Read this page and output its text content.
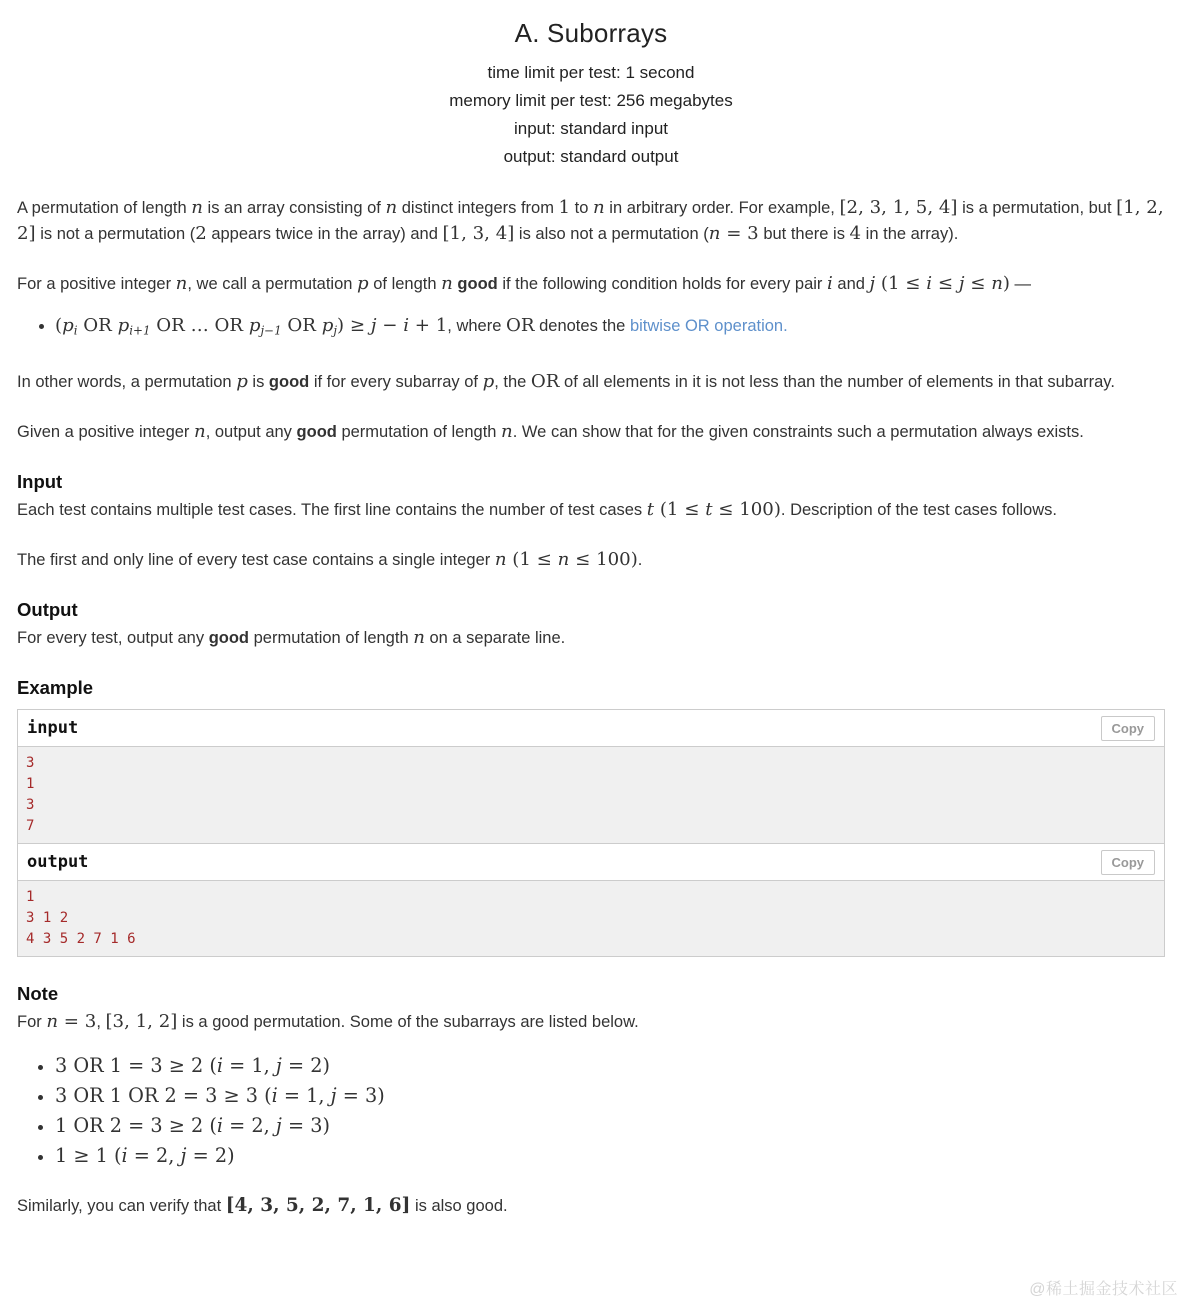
A. Suborrays
time limit per test: 1 second
memory limit per test: 256 megabytes
input: standard input
output: standard output

A permutation of length n is an array consisting of n distinct integers from 1 to n in arbitrary order. For example, [2, 3, 1, 5, 4] is a permutation, but [1, 2, 2] is not a permutation (2 appears twice in the array) and [1, 3, 4] is also not a permutation (n = 3 but there is 4 in the array).

For a positive integer n, we call a permutation p of length n good if the following condition holds for every pair i and j (1 ≤ i ≤ j ≤ n) —

• ($p_i$ OR $p_{i+1}$ OR … OR $p_{j-1}$ OR $p_j) \ge j - i + 1$, where OR denotes the bitwise OR operation.

In other words, a permutation p is good if for every subarray of p, the OR of all elements in it is not less than the number of elements in that subarray.

Given a positive integer n, output any good permutation of length n. We can show that for the given constraints such a permutation always exists.

Input

Each test contains multiple test cases. The first line contains the number of test cases t (1 ≤ t ≤ 100). Description of the test cases follows.

The first and only line of every test case contains a single integer n (1 ≤ n ≤ 100).

Output

For every test, output any good permutation of length n on a separate line.

Example
input	Copy
3
1
3
7
output	Copy
1
3 1 2
4 3 5 2 7 1 6
Note

For n = 3, [3, 1, 2] is a good permutation. Some of the subarrays are listed below.

• 3 OR 1 = 3 ≥ 2 (i = 1, j = 2)
• 3 OR 1 OR 2 = 3 ≥ 3 (i = 1, j = 3)
• 1 OR 2 = 3 ≥ 2 (i = 2, j = 3)
• 1 ≥ 1 (i = 2, j = 2)

Similarly, you can verify that [4, 3, 5, 2, 7, 1, 6] is also good.

@稀土掘金技术社区
